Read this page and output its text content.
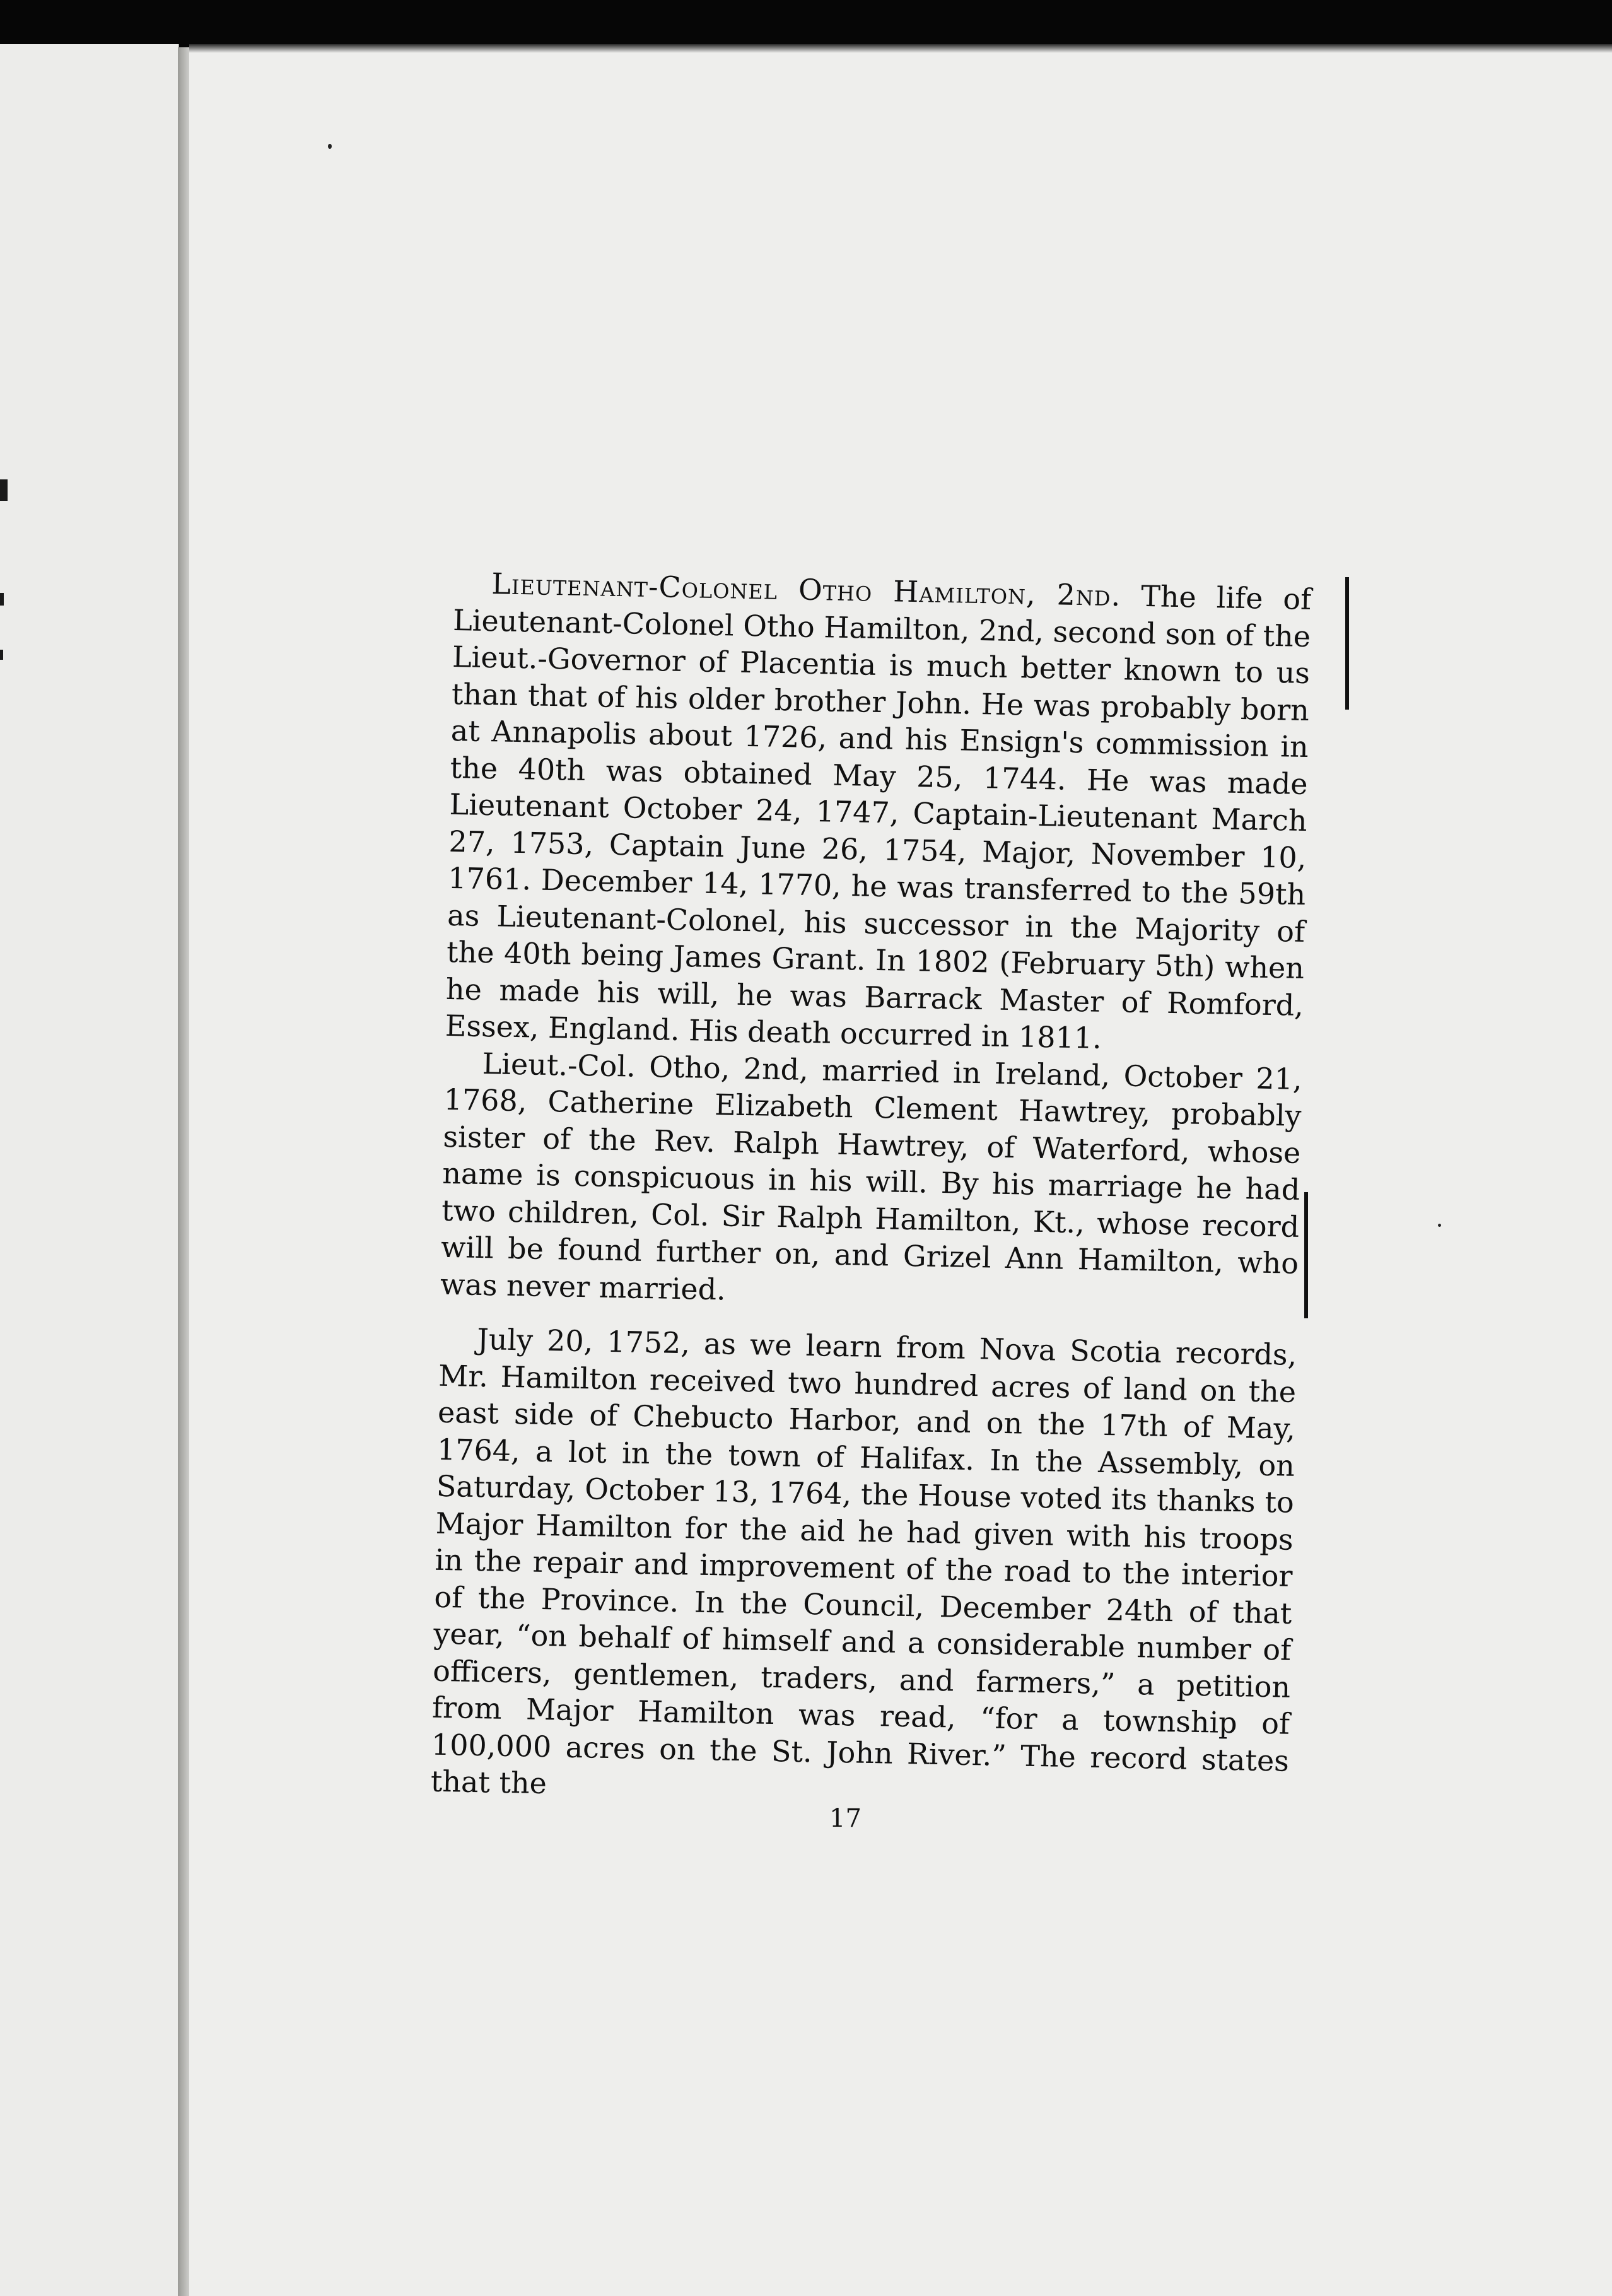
Lieutenant-Colonel Otho Hamilton, 2nd. The life of Lieutenant-Colonel Otho Hamilton, 2nd, second son of the Lieut.-Governor of Placentia is much better known to us than that of his older brother John. He was probably born at Annapolis about 1726, and his Ensign's commission in the 40th was obtained May 25, 1744. He was made Lieutenant October 24, 1747, Captain-Lieutenant March 27, 1753, Captain June 26, 1754, Major, November 10, 1761. December 14, 1770, he was transferred to the 59th as Lieutenant-Colonel, his successor in the Majority of the 40th being James Grant. In 1802 (February 5th) when he made his will, he was Barrack Master of Romford, Essex, England. His death occurred in 1811.

Lieut.-Col. Otho, 2nd, married in Ireland, October 21, 1768, Catherine Elizabeth Clement Hawtrey, probably sister of the Rev. Ralph Hawtrey, of Waterford, whose name is conspicuous in his will. By his marriage he had two children, Col. Sir Ralph Hamilton, Kt., whose record will be found further on, and Grizel Ann Hamilton, who was never married.

July 20, 1752, as we learn from Nova Scotia records, Mr. Hamilton received two hundred acres of land on the east side of Chebucto Harbor, and on the 17th of May, 1764, a lot in the town of Halifax. In the Assembly, on Saturday, October 13, 1764, the House voted its thanks to Major Hamilton for the aid he had given with his troops in the repair and improvement of the road to the interior of the Province. In the Council, December 24th of that year, “on behalf of himself and a considerable number of officers, gentlemen, traders, and farmers,” a petition from Major Hamilton was read, “for a township of 100,000 acres on the St. John River.” The record states that the

17
